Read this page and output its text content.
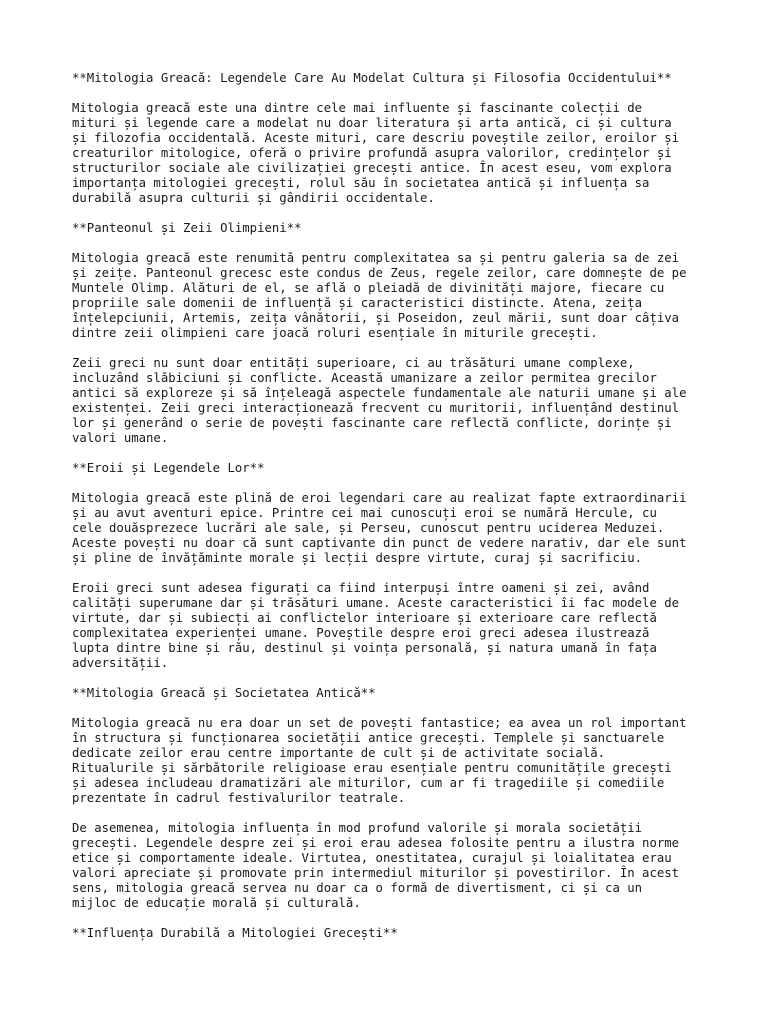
**Mitologia Greacă: Legendele Care Au Modelat Cultura și Filosofia Occidentului**
Mitologia greacă este una dintre cele mai influente și fascinante colecții de
mituri și legende care a modelat nu doar literatura și arta antică, ci și cultura
și filozofia occidentală. Aceste mituri, care descriu poveștile zeilor, eroilor și
creaturilor mitologice, oferă o privire profundă asupra valorilor, credințelor și
structurilor sociale ale civilizației grecești antice. În acest eseu, vom explora
importanța mitologiei grecești, rolul său în societatea antică și influența sa
durabilă asupra culturii și gândirii occidentale.
**Panteonul și Zeii Olimpieni**
Mitologia greacă este renumită pentru complexitatea sa și pentru galeria sa de zei
și zeițe. Panteonul grecesc este condus de Zeus, regele zeilor, care domnește de pe
Muntele Olimp. Alături de el, se află o pleiadă de divinități majore, fiecare cu
propriile sale domenii de influență și caracteristici distincte. Atena, zeița
înțelepciunii, Artemis, zeița vânătorii, și Poseidon, zeul mării, sunt doar câțiva
dintre zeii olimpieni care joacă roluri esențiale în miturile grecești.
Zeii greci nu sunt doar entități superioare, ci au trăsături umane complexe,
incluzând slăbiciuni și conflicte. Această umanizare a zeilor permitea grecilor
antici să exploreze și să înțeleagă aspectele fundamentale ale naturii umane și ale
existenței. Zeii greci interacționează frecvent cu muritorii, influențând destinul
lor și generând o serie de povești fascinante care reflectă conflicte, dorințe și
valori umane.
**Eroii și Legendele Lor**
Mitologia greacă este plină de eroi legendari care au realizat fapte extraordinarii
și au avut aventuri epice. Printre cei mai cunoscuți eroi se numără Hercule, cu
cele douăsprezece lucrări ale sale, și Perseu, cunoscut pentru uciderea Meduzei.
Aceste povești nu doar că sunt captivante din punct de vedere narativ, dar ele sunt
și pline de învățăminte morale și lecții despre virtute, curaj și sacrificiu.
Eroii greci sunt adesea figurați ca fiind interpuși între oameni și zei, având
calități superumane dar și trăsături umane. Aceste caracteristici îi fac modele de
virtute, dar și subiecți ai conflictelor interioare și exterioare care reflectă
complexitatea experienței umane. Poveștile despre eroi greci adesea ilustrează
lupta dintre bine și rău, destinul și voința personală, și natura umană în fața
adversității.
**Mitologia Greacă și Societatea Antică**
Mitologia greacă nu era doar un set de povești fantastice; ea avea un rol important
în structura și funcționarea societății antice grecești. Templele și sanctuarele
dedicate zeilor erau centre importante de cult și de activitate socială.
Ritualurile și sărbătorile religioase erau esențiale pentru comunitățile grecești
și adesea includeau dramatizări ale miturilor, cum ar fi tragediile și comediile
prezentate în cadrul festivalurilor teatrale.
De asemenea, mitologia influența în mod profund valorile și morala societății
grecești. Legendele despre zei și eroi erau adesea folosite pentru a ilustra norme
etice și comportamente ideale. Virtutea, onestitatea, curajul și loialitatea erau
valori apreciate și promovate prin intermediul miturilor și povestirilor. În acest
sens, mitologia greacă servea nu doar ca o formă de divertisment, ci și ca un
mijloc de educație morală și culturală.
**Influența Durabilă a Mitologiei Grecești**
